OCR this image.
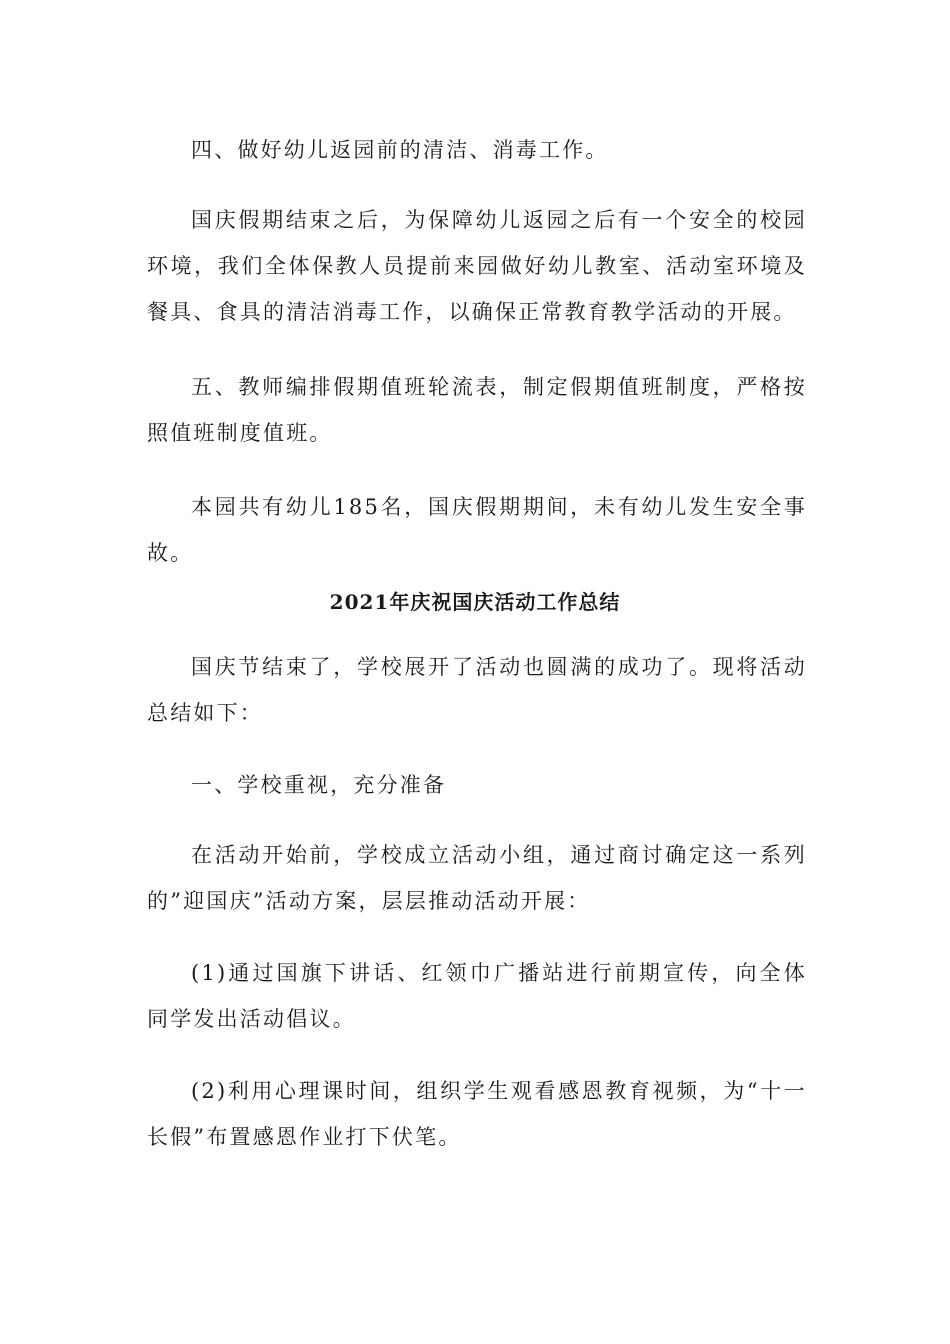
四、做好幼儿返园前的清洁、消毒工作。

国庆假期结束之后，为保障幼儿返园之后有一个安全的校园环境，我们全体保教人员提前来园做好幼儿教室、活动室环境及餐具、食具的清洁消毒工作，以确保正常教育教学活动的开展。

五、教师编排假期值班轮流表，制定假期值班制度，严格按照值班制度值班。

本园共有幼儿185名，国庆假期期间，未有幼儿发生安全事故。

2021年庆祝国庆活动工作总结

国庆节结束了，学校展开了活动也圆满的成功了。现将活动总结如下：

一、学校重视，充分准备

在活动开始前，学校成立活动小组，通过商讨确定这一系列的”迎国庆”活动方案，层层推动活动开展：

(1)通过国旗下讲话、红领巾广播站进行前期宣传，向全体同学发出活动倡议。

(2)利用心理课时间，组织学生观看感恩教育视频，为“十一长假”布置感恩作业打下伏笔。
